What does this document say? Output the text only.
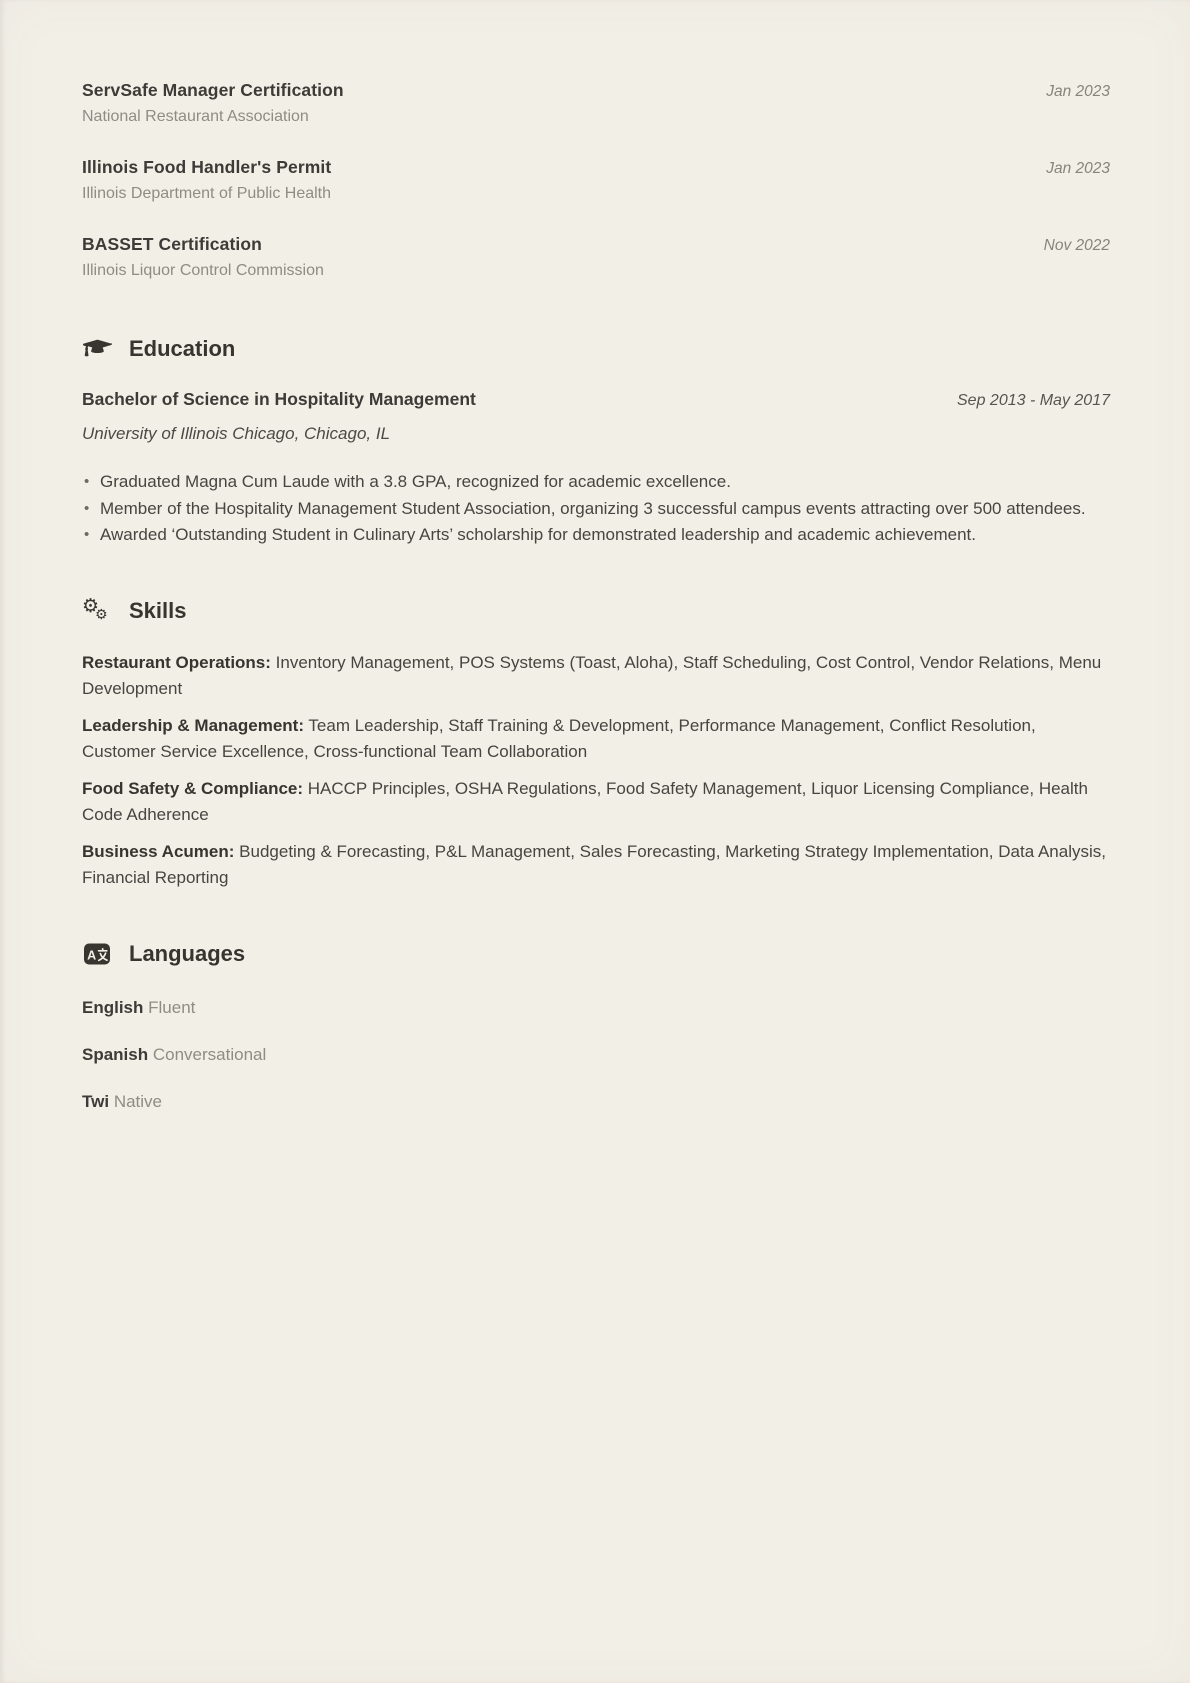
ServSafe Manager Certification	Jan 2023
National Restaurant Association
Illinois Food Handler's Permit	Jan 2023
Illinois Department of Public Health
BASSET Certification	Nov 2022
Illinois Liquor Control Commission
Education
Bachelor of Science in Hospitality Management	Sep 2013 - May 2017
University of Illinois Chicago, Chicago, IL
• Graduated Magna Cum Laude with a 3.8 GPA, recognized for academic excellence.
• Member of the Hospitality Management Student Association, organizing 3 successful campus events attracting over 500 attendees.
• Awarded ‘Outstanding Student in Culinary Arts’ scholarship for demonstrated leadership and academic achievement.
⚙
⚙ Skills

Restaurant Operations: Inventory Management, POS Systems (Toast, Aloha), Staff Scheduling, Cost Control, Vendor Relations, Menu Development

Leadership & Management: Team Leadership, Staff Training & Development, Performance Management, Conflict Resolution, Customer Service Excellence, Cross-functional Team Collaboration

Food Safety & Compliance: HACCP Principles, OSHA Regulations, Food Safety Management, Liquor Licensing Compliance, Health Code Adherence

Business Acumen: Budgeting & Forecasting, P&L Management, Sales Forecasting, Marketing Strategy Implementation, Data Analysis, Financial Reporting

A Languages

English Fluent

Spanish Conversational

Twi Native
